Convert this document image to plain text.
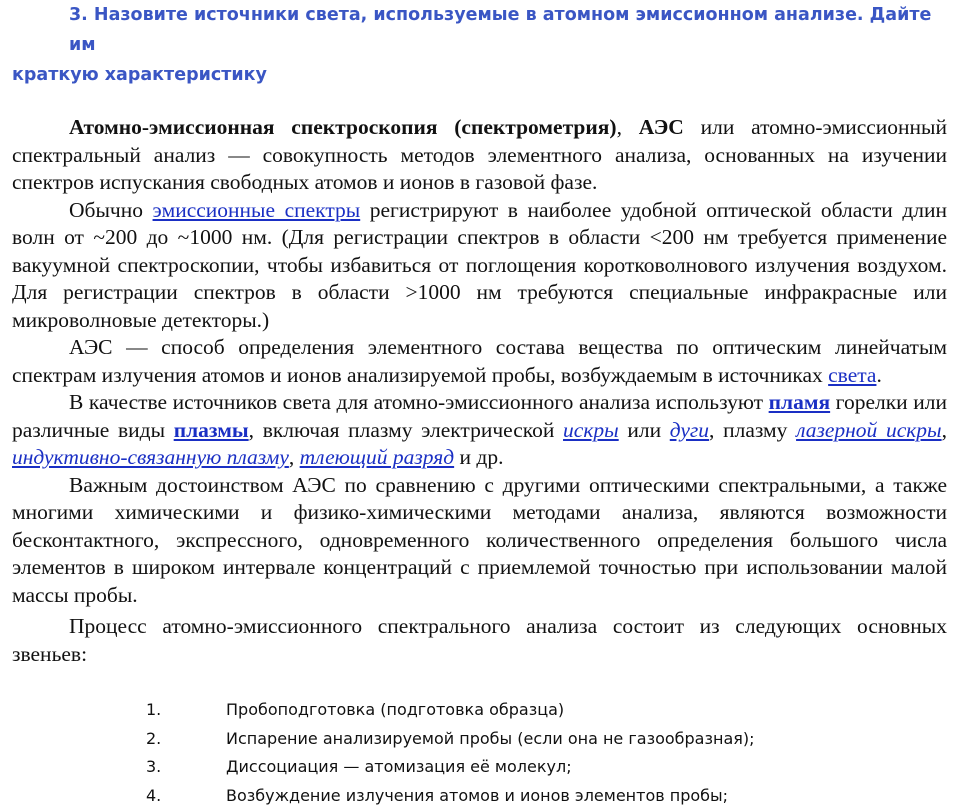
3. Назовите источники света, используемые в атомном эмиссионном анализе. Дайте им
краткую характеристику

Атомно-эмиссионная спектроскопия (спектрометрия), АЭС или атомно-эмиссионный спектральный анализ — совокупность методов элементного анализа, основанных на изучении спектров испускания свободных атомов и ионов в газовой фазе.

Обычно эмиссионные спектры регистрируют в наиболее удобной оптической области длин волн от ~200 до ~1000 нм. (Для регистрации спектров в области <200 нм требуется применение вакуумной спектроскопии, чтобы избавиться от поглощения коротковолнового излучения воздухом. Для регистрации спектров в области >1000 нм требуются специальные инфракрасные или микроволновые детекторы.)

АЭС — способ определения элементного состава вещества по оптическим линейчатым спектрам излучения атомов и ионов анализируемой пробы, возбуждаемым в источниках света.

В качестве источников света для атомно-эмиссионного анализа используют пламя горелки или различные виды плазмы, включая плазму электрической искры или дуги, плазму лазерной искры, индуктивно-связанную плазму, тлеющий разряд и др.

Важным достоинством АЭС по сравнению с другими оптическими спектральными, а также многими химическими и физико-химическими методами анализа, являются возможности бесконтактного, экспрессного, одновременного количественного определения большого числа элементов в широком интервале концентраций с приемлемой точностью при использовании малой массы пробы.

Процесс атомно-эмиссионного спектрального анализа состоит из следующих основных звеньев:

1.	Пробоподготовка (подготовка образца)
2.	Испарение анализируемой пробы (если она не газообразная);
3.	Диссоциация — атомизация её молекул;
4.	Возбуждение излучения атомов и ионов элементов пробы;
